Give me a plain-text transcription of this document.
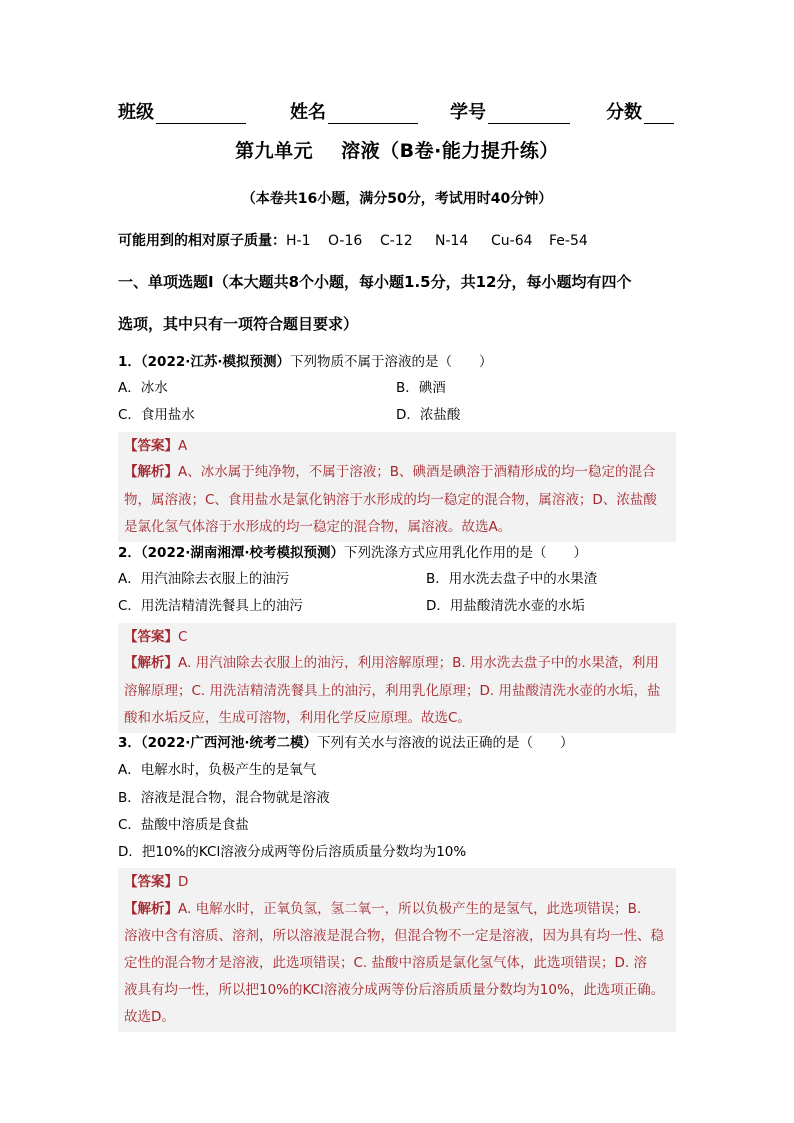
班级	姓名	学号	分数
第九单元 溶液（B卷·能力提升练）
（本卷共16小题，满分50分，考试用时40分钟）
可能用到的相对原子质量：H-1 O-16 C-12 N-14 Cu-64 Fe-54
一、单项选题Ⅰ（本大题共8个小题，每小题1.5分，共12分，每小题均有四个
选项，其中只有一项符合题目要求）
1．（2022·江苏·模拟预测）下列物质不属于溶液的是（　　）
A．冰水	B．碘酒
C．食用盐水	D．浓盐酸
【答案】A
【解析】A、冰水属于纯净物，不属于溶液；B、碘酒是碘溶于酒精形成的均一稳定的混合
物，属溶液；C、食用盐水是氯化钠溶于水形成的均一稳定的混合物，属溶液；D、浓盐酸
是氯化氢气体溶于水形成的均一稳定的混合物，属溶液。故选A。
2．（2022·湖南湘潭·校考模拟预测）下列洗涤方式应用乳化作用的是（　　）
A．用汽油除去衣服上的油污	B．用水洗去盘子中的水果渣
C．用洗洁精清洗餐具上的油污	D．用盐酸清洗水壶的水垢
【答案】C
【解析】A. 用汽油除去衣服上的油污，利用溶解原理；B. 用水洗去盘子中的水果渣，利用
溶解原理；C. 用洗洁精清洗餐具上的油污，利用乳化原理；D. 用盐酸清洗水壶的水垢，盐
酸和水垢反应，生成可溶物，利用化学反应原理。故选C。
3．（2022·广西河池·统考二模）下列有关水与溶液的说法正确的是（　　）
A．电解水时，负极产生的是氧气
B．溶液是混合物，混合物就是溶液
C．盐酸中溶质是食盐
D．把10%的KCl溶液分成两等份后溶质质量分数均为10%
【答案】D
【解析】A. 电解水时，正氧负氢，氢二氧一，所以负极产生的是氢气，此选项错误；B.
溶液中含有溶质、溶剂，所以溶液是混合物，但混合物不一定是溶液，因为具有均一性、稳
定性的混合物才是溶液，此选项错误；C. 盐酸中溶质是氯化氢气体，此选项错误；D. 溶
液具有均一性，所以把10%的KCl溶液分成两等份后溶质质量分数均为10%，此选项正确。
故选D。
